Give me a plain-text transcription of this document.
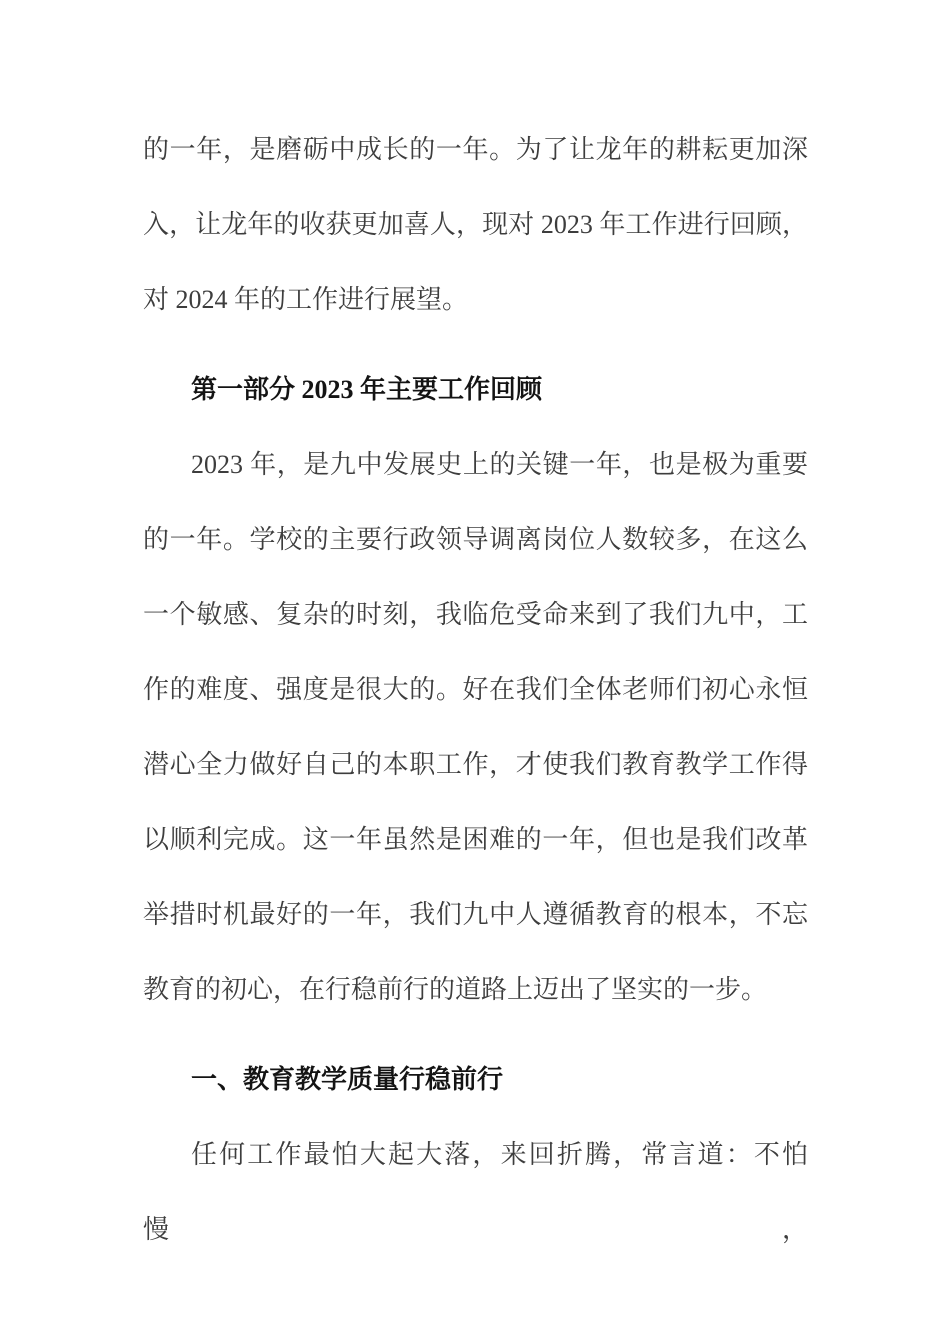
的一年，是磨砺中成长的一年。为了让龙年的耕耘更加深
入，让龙年的收获更加喜人，现对 2023 年工作进行回顾，
对 2024 年的工作进行展望。
第一部分 2023 年主要工作回顾
2023 年，是九中发展史上的关键一年，也是极为重要
的一年。学校的主要行政领导调离岗位人数较多，在这么
一个敏感、复杂的时刻，我临危受命来到了我们九中，工
作的难度、强度是很大的。好在我们全体老师们初心永恒
潜心全力做好自己的本职工作，才使我们教育教学工作得
以顺利完成。这一年虽然是困难的一年，但也是我们改革
举措时机最好的一年，我们九中人遵循教育的根本，不忘
教育的初心，在行稳前行的道路上迈出了坚实的一步。
一、教育教学质量行稳前行
任何工作最怕大起大落，来回折腾，常言道：不怕慢，
